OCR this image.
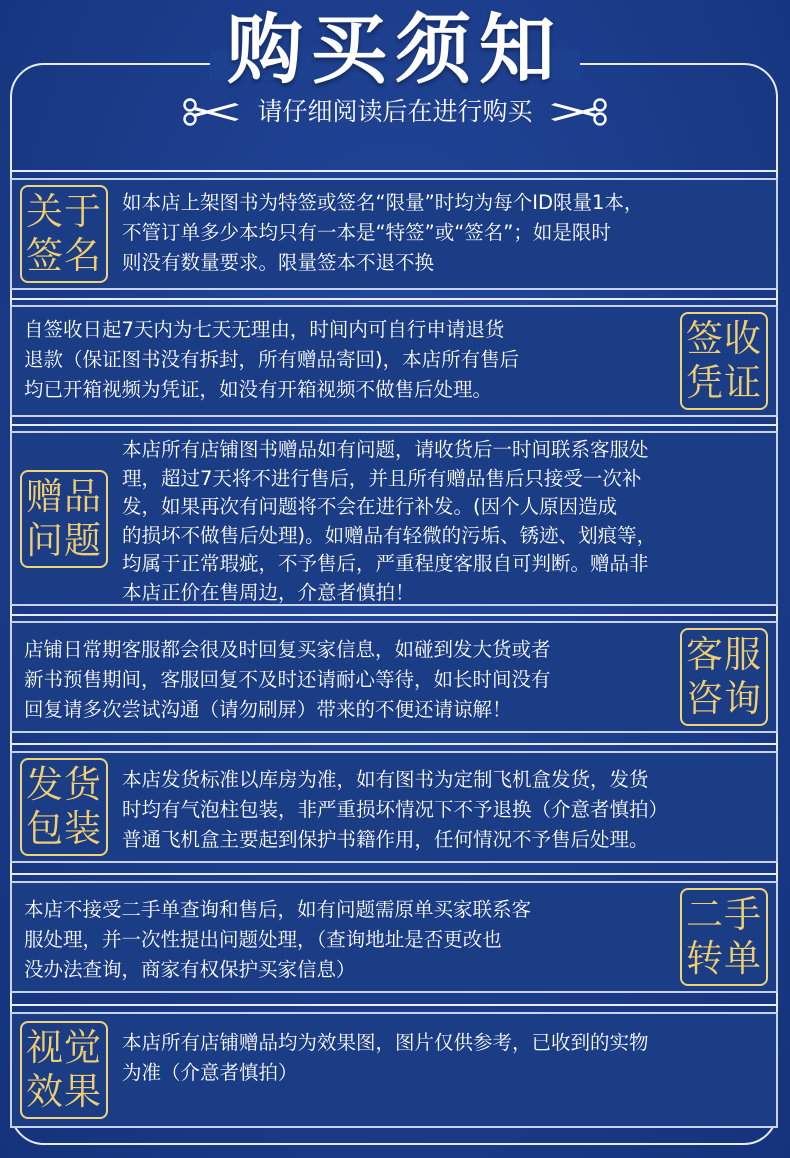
购买须知
请仔细阅读后在进行购买
关于
签名
如本店上架图书为特签或签名“限量”时均为每个ID限量1本，
不管订单多少本均只有一本是“特签”或“签名”；如是限时
则没有数量要求。限量签本不退不换
自签收日起7天内为七天无理由，时间内可自行申请退货
退款（保证图书没有拆封，所有赠品寄回)，本店所有售后
均已开箱视频为凭证，如没有开箱视频不做售后处理。
签收
凭证
赠品
问题
本店所有店铺图书赠品如有问题，请收货后一时间联系客服处
理，超过7天将不进行售后，并且所有赠品售后只接受一次补
发，如果再次有问题将不会在进行补发。(因个人原因造成
的损坏不做售后处理)。如赠品有轻微的污垢、锈迹、划痕等，
均属于正常瑕疵，不予售后，严重程度客服自可判断。赠品非
本店正价在售周边，介意者慎拍！
店铺日常期客服都会很及时回复买家信息，如碰到发大货或者
新书预售期间，客服回复不及时还请耐心等待，如长时间没有
回复请多次尝试沟通（请勿刷屏）带来的不便还请谅解！
客服
咨询
发货
包装
本店发货标准以库房为准，如有图书为定制飞机盒发货，发货
时均有气泡柱包装，非严重损坏情况下不予退换（介意者慎拍）
普通飞机盒主要起到保护书籍作用，任何情况不予售后处理。
本店不接受二手单查询和售后，如有问题需原单买家联系客
服处理，并一次性提出问题处理，（查询地址是否更改也
没办法查询，商家有权保护买家信息）
二手
转单
视觉
效果
本店所有店铺赠品均为效果图，图片仅供参考，已收到的实物
为准（介意者慎拍）
